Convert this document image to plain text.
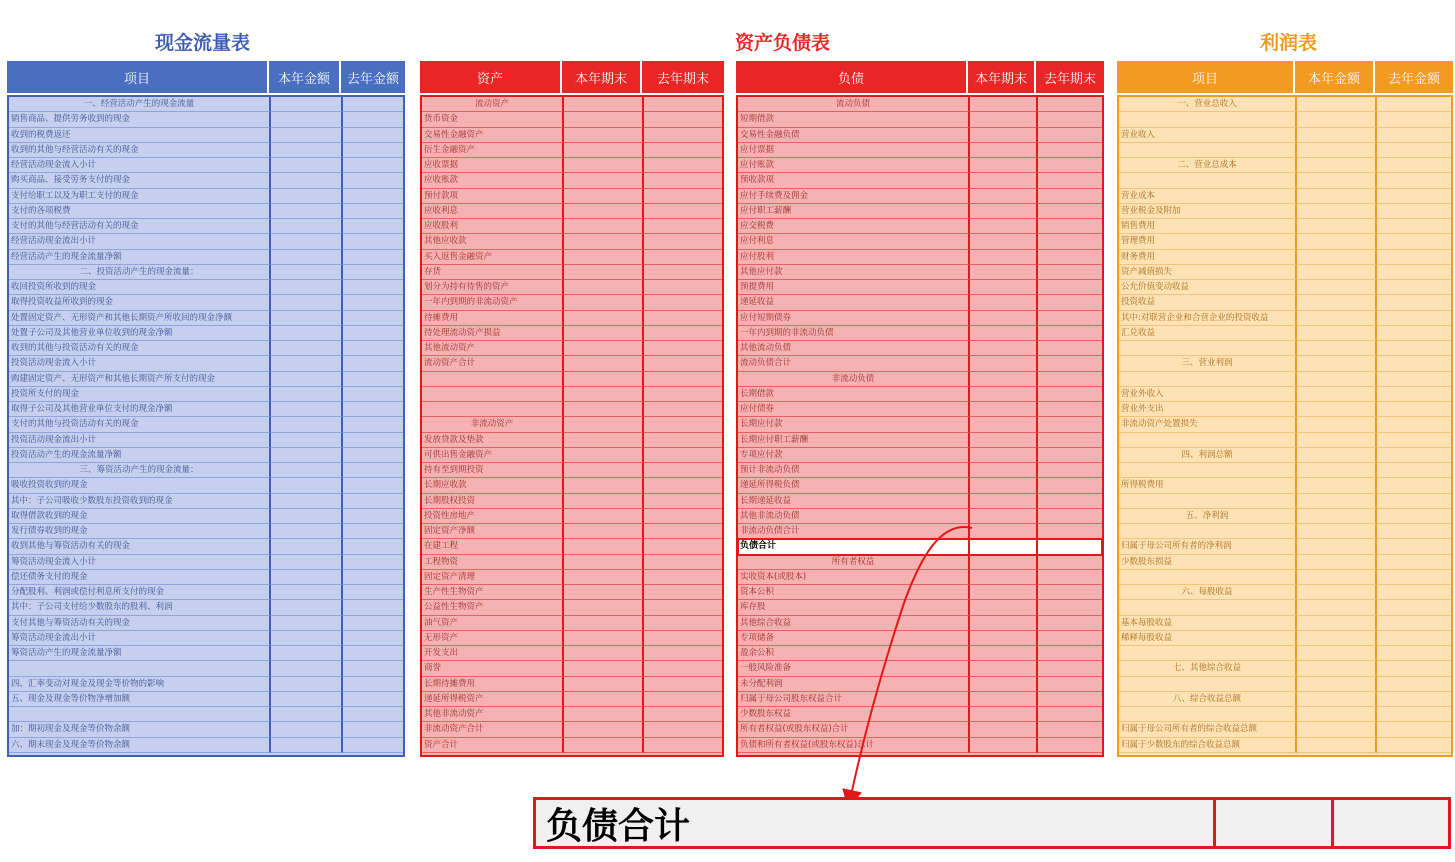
现金流量表	资产负债表	利润表
项目	本年金额	去年金额
一、经营活动产生的现金流量
销售商品、提供劳务收到的现金
收到的税费返还
收到的其他与经营活动有关的现金
经营活动现金流入小计
购买商品、接受劳务支付的现金
支付给职工以及为职工支付的现金
支付的各项税费
支付的其他与经营活动有关的现金
经营活动现金流出小计
经营活动产生的现金流量净额
二、投资活动产生的现金流量：
收回投资所收到的现金
取得投资收益所收到的现金
处置固定资产、无形资产和其他长期资产所收回的现金净额
处置子公司及其他营业单位收到的现金净额
收到的其他与投资活动有关的现金
投资活动现金流入小计
购建固定资产、无形资产和其他长期资产所支付的现金
投资所支付的现金
取得子公司及其他营业单位支付的现金净额
支付的其他与投资活动有关的现金
投资活动现金流出小计
投资活动产生的现金流量净额
三、筹资活动产生的现金流量：
吸收投资收到的现金
其中：子公司吸收少数股东投资收到的现金
取得借款收到的现金
发行债券收到的现金
收到其他与筹资活动有关的现金
筹资活动现金流入小计
偿还债务支付的现金
分配股利、利润或偿付利息所支付的现金
其中：子公司支付给少数股东的股利、利润
支付其他与筹资活动有关的现金
筹资活动现金流出小计
筹资活动产生的现金流量净额
四、汇率变动对现金及现金等价物的影响
五、现金及现金等价物净增加额
加：期初现金及现金等价物余额
六、期末现金及现金等价物余额
资产	本年期末	去年期末
流动资产
货币资金
交易性金融资产
衍生金融资产
应收票据
应收账款
预付款项
应收利息
应收股利
其他应收款
买入返售金融资产
存货
划分为持有待售的资产
一年内到期的非流动资产
待摊费用
待处理流动资产损益
其他流动资产
流动资产合计
非流动资产
发放贷款及垫款
可供出售金融资产
持有至到期投资
长期应收款
长期股权投资
投资性房地产
固定资产净额
在建工程
工程物资
固定资产清理
生产性生物资产
公益性生物资产
油气资产
无形资产
开发支出
商誉
长期待摊费用
递延所得税资产
其他非流动资产
非流动资产合计
资产合计
负债	本年期末	去年期末
流动负债
短期借款
交易性金融负债
应付票据
应付账款
预收款项
应付手续费及佣金
应付职工薪酬
应交税费
应付利息
应付股利
其他应付款
预提费用
递延收益
应付短期债券
一年内到期的非流动负债
其他流动负债
流动负债合计
非流动负债
长期借款
应付债券
长期应付款
长期应付职工薪酬
专项应付款
预计非流动负债
递延所得税负债
长期递延收益
其他非流动负债
非流动负债合计
负债合计
所有者权益
实收资本(或股本)
资本公积
库存股
其他综合收益
专项储备
盈余公积
一般风险准备
未分配利润
归属于母公司股东权益合计
少数股东权益
所有者权益(或股东权益)合计
负债和所有者权益(或股东权益)总计
项目	本年金额	去年金额
一、营业总收入
营业收入
二、营业总成本
营业成本
营业税金及附加
销售费用
管理费用
财务费用
资产减值损失
公允价值变动收益
投资收益
其中:对联营企业和合营企业的投资收益
汇兑收益
三、营业利润
营业外收入
营业外支出
非流动资产处置损失
四、利润总额
所得税费用
五、净利润
归属于母公司所有者的净利润
少数股东损益
六、每股收益
基本每股收益
稀释每股收益
七、其他综合收益
八、综合收益总额
归属于母公司所有者的综合收益总额
归属于少数股东的综合收益总额
负债合计
